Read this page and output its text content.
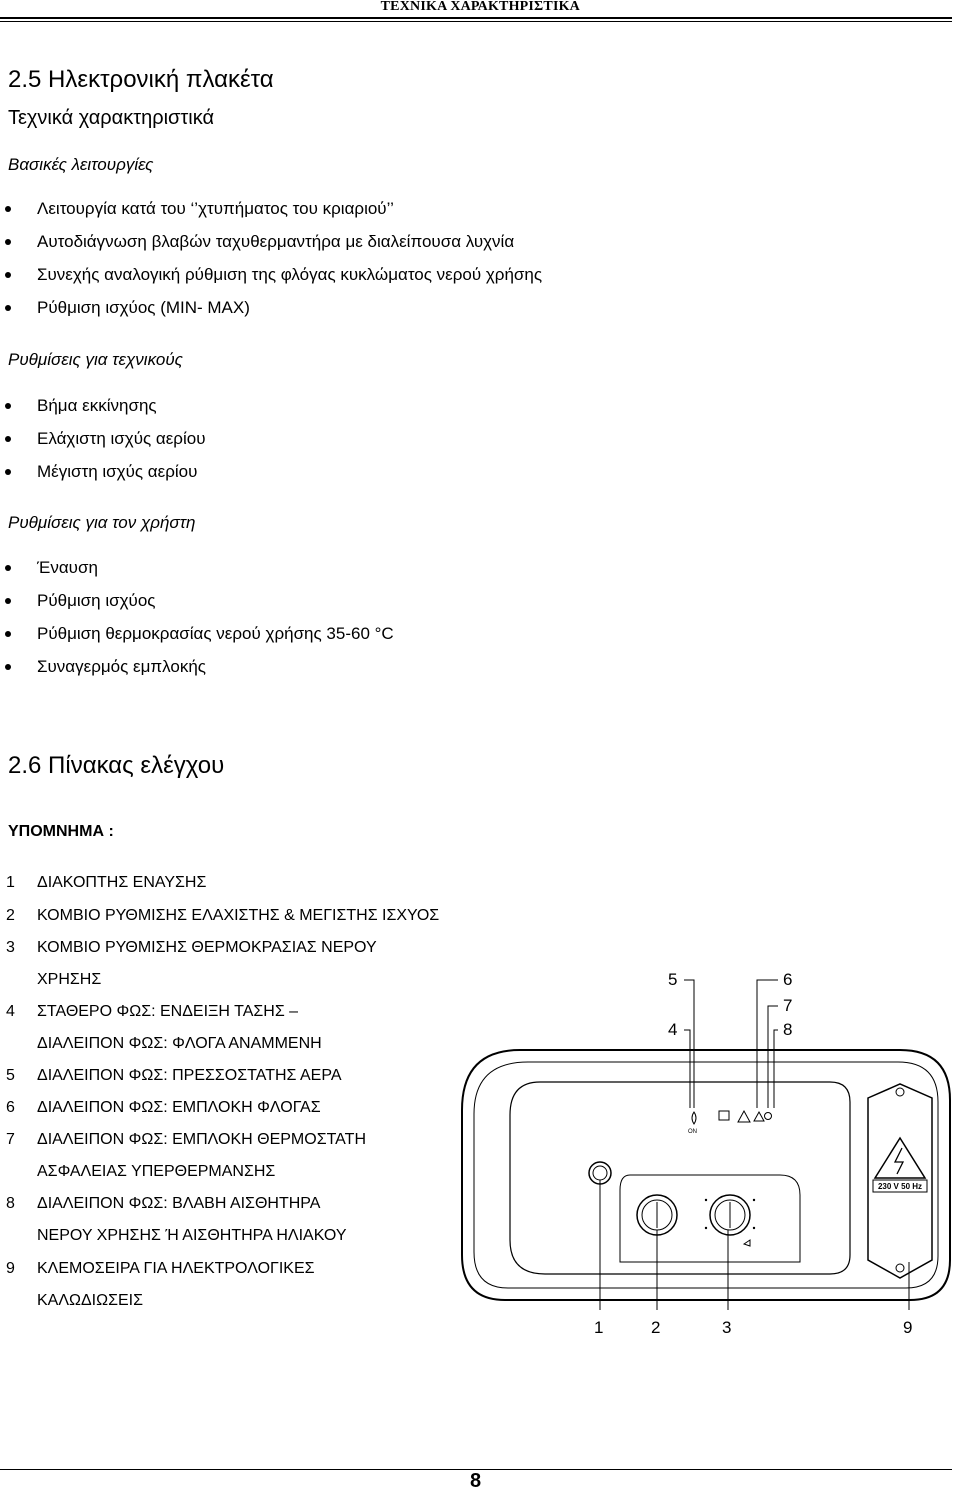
ΤΕΧΝΙΚΑ ΧΑΡΑΚΤΗΡΙΣΤΙΚΑ
2.5 Ηλεκτρονική πλακέτα
Τεχνικά χαρακτηριστικά
Βασικές λειτουργίες
Λειτουργία κατά του ‘’χτυπήματος του κριαριού’’
Αυτοδιάγνωση βλαβών ταχυθερμαντήρα με διαλείπουσα λυχνία
Συνεχής αναλογική ρύθμιση της φλόγας κυκλώματος νερού χρήσης
Ρύθμιση ισχύος (MIN- MAX)
Ρυθμίσεις για τεχνικούς
Βήμα εκκίνησης
Ελάχιστη ισχύς αερίου
Μέγιστη ισχύς αερίου
Ρυθμίσεις για τον χρήστη
Έναυση
Ρύθμιση ισχύος
Ρύθμιση θερμοκρασίας νερού χρήσης 35-60 °C
Συναγερμός εμπλοκής
2.6 Πίνακας ελέγχου
ΥΠΟΜΝΗΜΑ :
1 ΔΙΑΚΟΠΤΗΣ ΕΝΑΥΣΗΣ
2 ΚΟΜΒΙΟ ΡΥΘΜΙΣΗΣ ΕΛΑΧΙΣΤΗΣ & ΜΕΓΙΣΤΗΣ ΙΣΧΥΟΣ
3 ΚΟΜΒΙΟ ΡΥΘΜΙΣΗΣ ΘΕΡΜΟΚΡΑΣΙΑΣ ΝΕΡΟΥ
ΧΡΗΣΗΣ
4 ΣΤΑΘΕΡΟ ΦΩΣ: ΕΝΔΕΙΞΗ ΤΑΣΗΣ –
ΔΙΑΛΕΙΠΟΝ ΦΩΣ: ΦΛΟΓΑ ΑΝΑΜΜΕΝΗ
5 ΔΙΑΛΕΙΠΟΝ ΦΩΣ: ΠΡΕΣΣΟΣΤΑΤΗΣ ΑΕΡΑ
6 ΔΙΑΛΕΙΠΟΝ ΦΩΣ: ΕΜΠΛΟΚΗ ΦΛΟΓΑΣ
7 ΔΙΑΛΕΙΠΟΝ ΦΩΣ: ΕΜΠΛΟΚΗ ΘΕΡΜΟΣΤΑΤΗ
ΑΣΦΑΛΕΙΑΣ ΥΠΕΡΘΕΡΜΑΝΣΗΣ
8 ΔΙΑΛΕΙΠΟΝ ΦΩΣ: ΒΛΑΒΗ ΑΙΣΘΗΤΗΡΑ
ΝΕΡΟΥ ΧΡΗΣΗΣ Ή ΑΙΣΘΗΤΗΡΑ ΗΛΙΑΚΟΥ
9 ΚΛΕΜΟΣΕΙΡΑ ΓΙΑ ΗΛΕΚΤΡΟΛΟΓΙΚΕΣ
ΚΑΛΩΔΙΩΣΕΙΣ
5	6
7
4	8
1	2	3	9
ON
230 V 50 Hz
8
